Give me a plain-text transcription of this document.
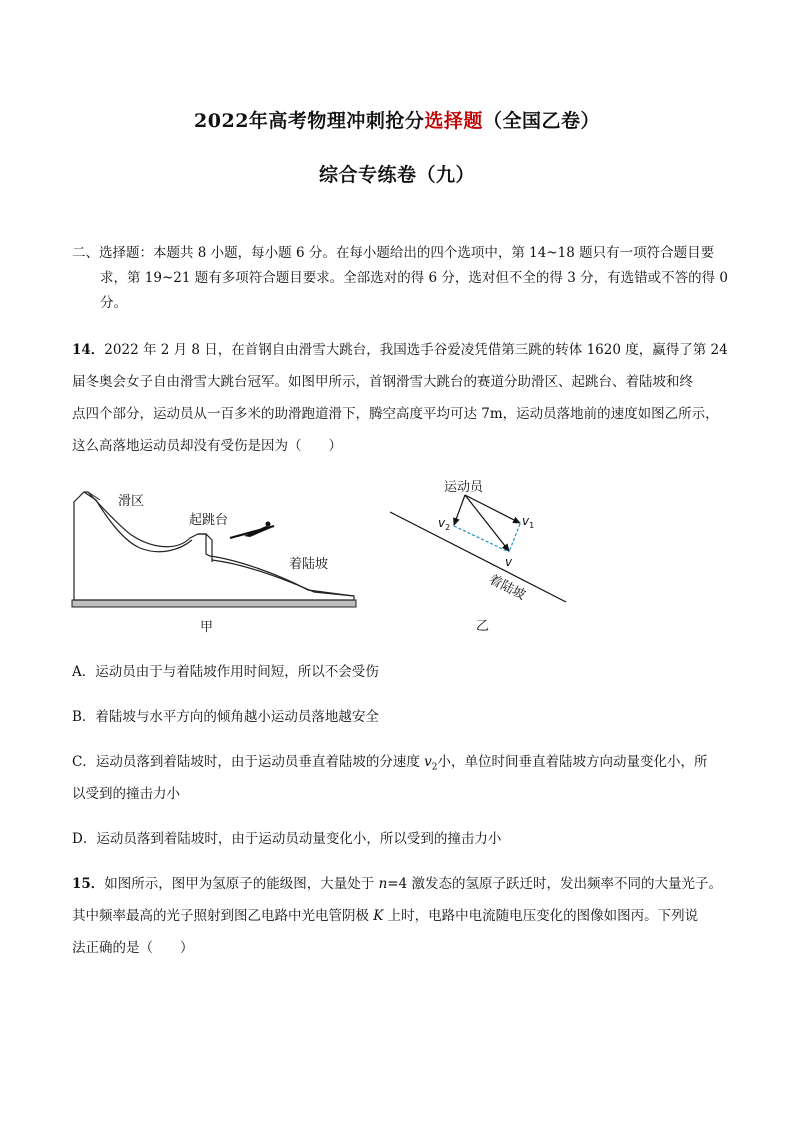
2022年高考物理冲刺抢分选择题（全国乙卷）
综合专练卷（九）
二、选择题：本题共 8 小题，每小题 6 分。在每小题给出的四个选项中，第 14~18 题只有一项符合题目要
求，第 19~21 题有多项符合题目要求。全部选对的得 6 分，选对但不全的得 3 分，有选错或不答的得 0
分。
14．2022 年 2 月 8 日，在首钢自由滑雪大跳台，我国选手谷爱凌凭借第三跳的转体 1620 度，赢得了第 24
届冬奥会女子自由滑雪大跳台冠军。如图甲所示，首钢滑雪大跳台的赛道分助滑区、起跳台、着陆坡和终
点四个部分，运动员从一百多米的助滑跑道滑下，腾空高度平均可达 7m，运动员落地前的速度如图乙所示，
这么高落地运动员却没有受伤是因为（　　）
滑区
起跳台
着陆坡
甲
运动员
$v_1$
$v_2$
v
着陆坡
乙
A．运动员由于与着陆坡作用时间短，所以不会受伤
B．着陆坡与水平方向的倾角越小运动员落地越安全
C．运动员落到着陆坡时，由于运动员垂直着陆坡的分速度 $v_2$小，单位时间垂直着陆坡方向动量变化小，所
以受到的撞击力小
D．运动员落到着陆坡时，由于运动员动量变化小，所以受到的撞击力小
15．如图所示，图甲为氢原子的能级图，大量处于 n=4 激发态的氢原子跃迁时，发出频率不同的大量光子。
其中频率最高的光子照射到图乙电路中光电管阴极 K 上时，电路中电流随电压变化的图像如图丙。下列说
法正确的是（　　）
